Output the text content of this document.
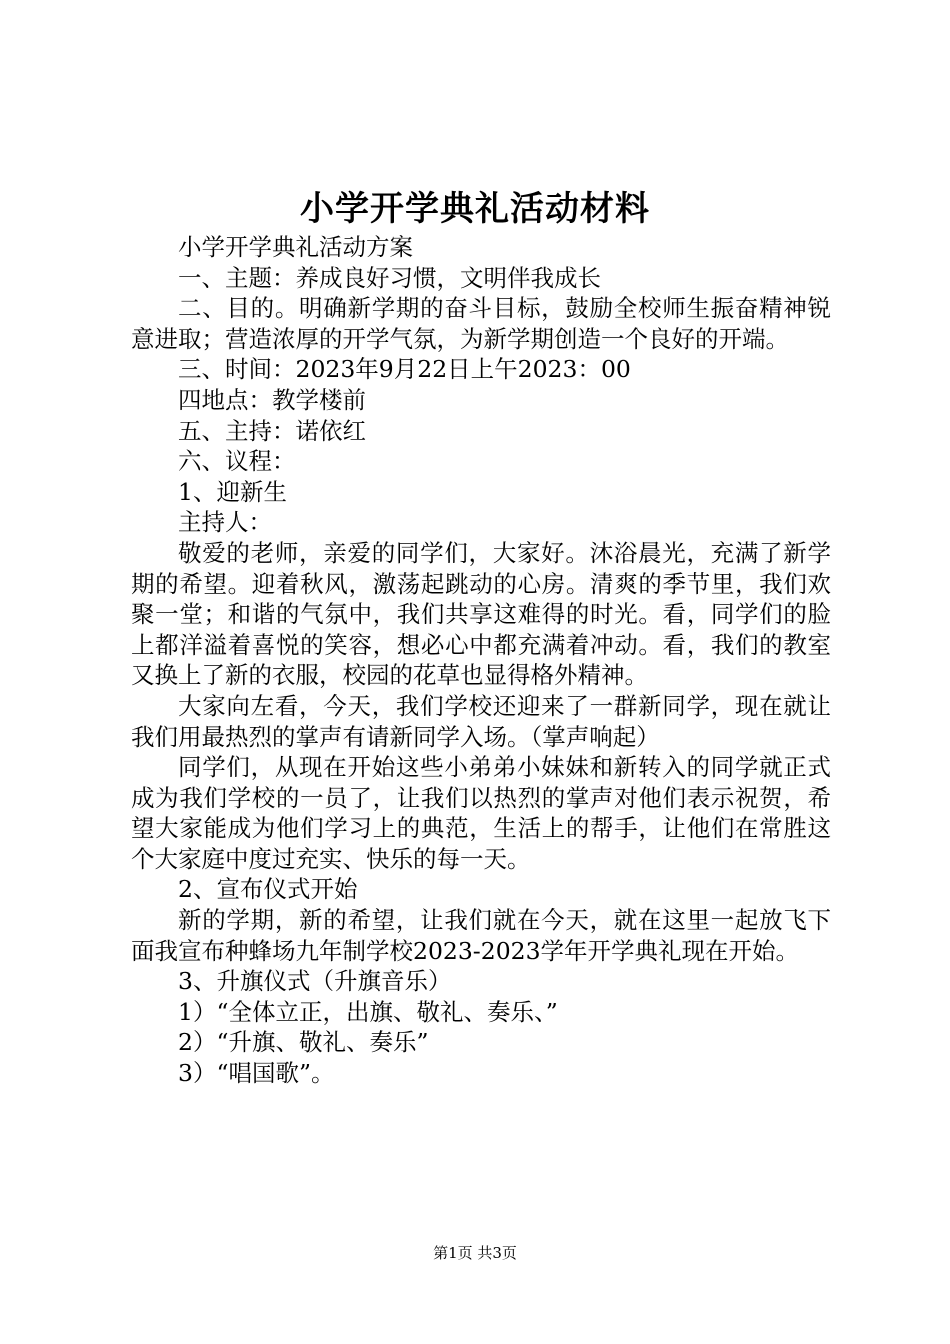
小学开学典礼活动材料

小学开学典礼活动方案

一、主题：养成良好习惯，文明伴我成长

二、目的。明确新学期的奋斗目标，鼓励全校师生振奋精神锐意进取；营造浓厚的开学气氛，为新学期创造一个良好的开端。

三、时间：2023年9月22日上午2023：00

四地点：教学楼前

五、主持：诺依红

六、议程：

1、迎新生

主持人：

敬爱的老师，亲爱的同学们，大家好。沐浴晨光，充满了新学期的希望。迎着秋风，激荡起跳动的心房。清爽的季节里，我们欢聚一堂；和谐的气氛中，我们共享这难得的时光。看，同学们的脸上都洋溢着喜悦的笑容，想必心中都充满着冲动。看，我们的教室又换上了新的衣服，校园的花草也显得格外精神。

大家向左看，今天，我们学校还迎来了一群新同学，现在就让我们用最热烈的掌声有请新同学入场。（掌声响起）

同学们，从现在开始这些小弟弟小妹妹和新转入的同学就正式成为我们学校的一员了，让我们以热烈的掌声对他们表示祝贺，希望大家能成为他们学习上的典范，生活上的帮手，让他们在常胜这个大家庭中度过充实、快乐的每一天。

2、宣布仪式开始

新的学期，新的希望，让我们就在今天，就在这里一起放飞下面我宣布种蜂场九年制学校2023-2023学年开学典礼现在开始。

3、升旗仪式（升旗音乐）

1）“全体立正，出旗、敬礼、奏乐、”

2）“升旗、敬礼、奏乐”

3）“唱国歌”。

第1页 共3页
